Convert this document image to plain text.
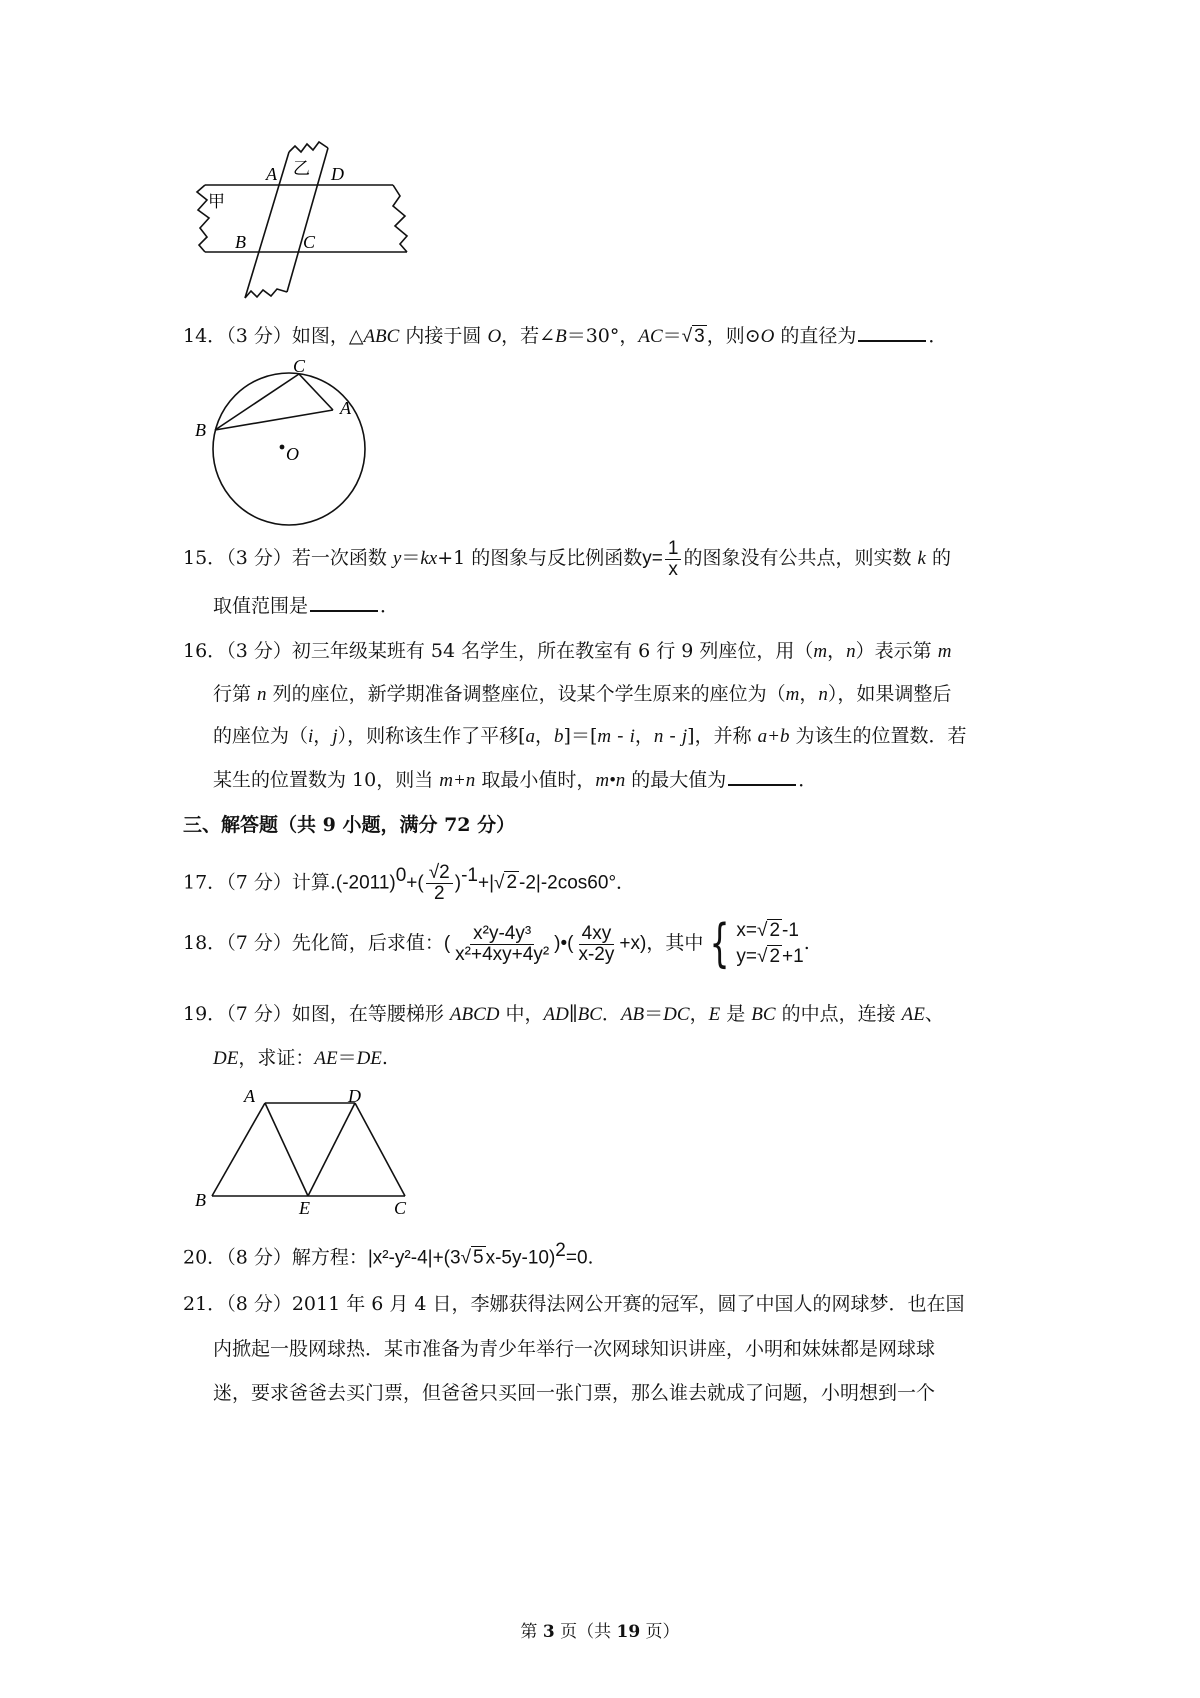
A	D
B	C
甲
乙
14．（3 分）如图，△ABC 内接于圆 O，若∠B＝30°，AC＝√ 3 ，则⊙O 的直径为	．
C
A
B
O
15．（3 分）若一次函数 y＝kx+1 的图象与反比例函数$y= \frac{1}{x}$ 的图象没有公共点，则实数 k 的
取值范围是	．
16．（3 分）初三年级某班有 54 名学生，所在教室有 6 行 9 列座位，用（m，n）表示第 m
行第 n 列的座位，新学期准备调整座位，设某个学生原来的座位为（m，n），如果调整后
的座位为（i，j），则称该生作了平移[a，b]＝[m - i，n - j]，并称 a+b 为该生的位置数．若
某生的位置数为 10，则当 m+n 取最小值时，m•n 的最大值为	．
三、解答题（共 9 小题，满分 72 分）
17．（7 分）计算$.(-2011)^0+( \frac{√2}{2} )^{-1}+|√$ 2 -2|-2cos60°．
18．（7 分）先化简，后求值：( $\frac{\text{x²y-4y³}}{\text{x²+4xy+4y²}}$ )•( $\frac{4xy}{x-2y} +x$)，其中 { x=√ 2 -1
y=√ 2 +1
.
19．（7 分）如图，在等腰梯形 ABCD 中，AD∥BC．AB＝DC，E 是 BC 的中点，连接 AE、
DE，求证：AE＝DE.
A	D
B	E	C
20．（8 分）解方程：|x²-y²-4|+(3√ 5 x-5y-10)$^2$=0.
21．（8 分）2011 年 6 月 4 日，李娜获得法网公开赛的冠军，圆了中国人的网球梦．也在国
内掀起一股网球热．某市准备为青少年举行一次网球知识讲座，小明和妹妹都是网球球
迷，要求爸爸去买门票，但爸爸只买回一张门票，那么谁去就成了问题，小明想到一个
第 3 页（共 19 页）
